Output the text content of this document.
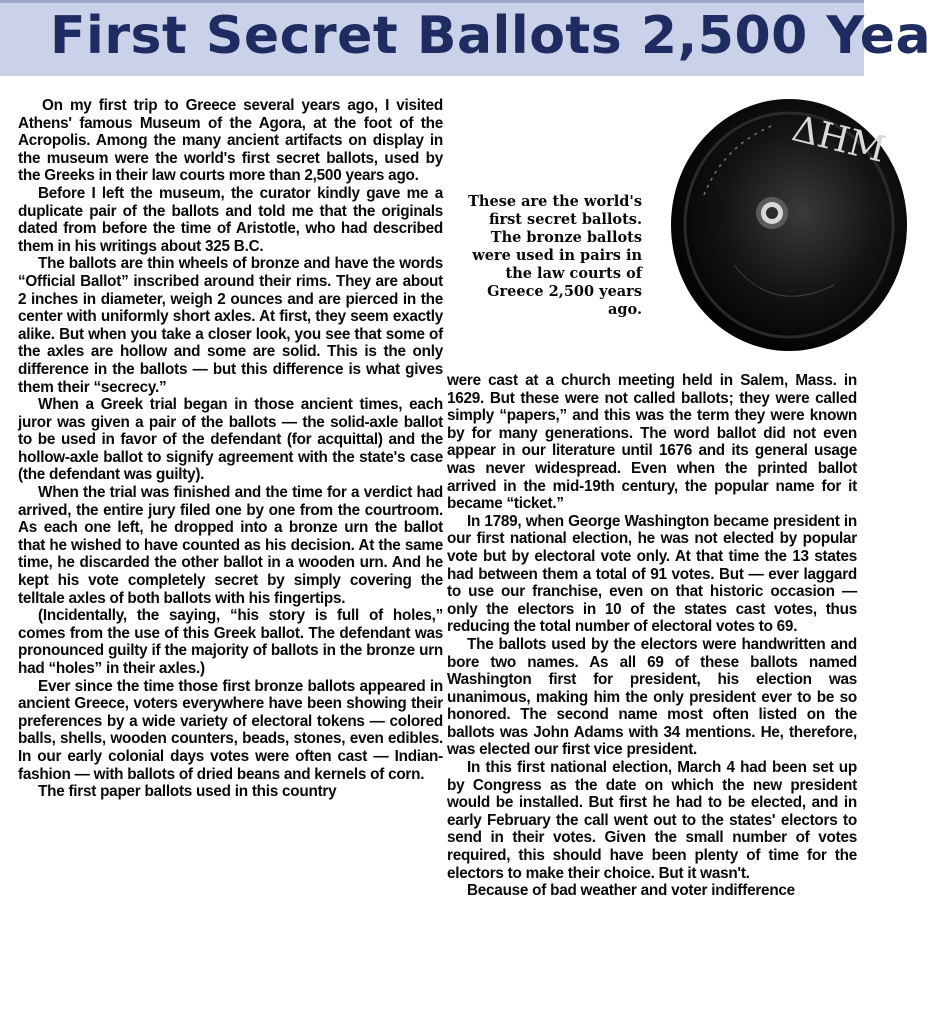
First Secret Ballots 2,500 Yea

On my first trip to Greece several years ago, I visited Athens' famous Museum of the Agora, at the foot of the Acropolis. Among the many ancient artifacts on display in the museum were the world's first secret ballots, used by the Greeks in their law courts more than 2,500 years ago.

Before I left the museum, the curator kindly gave me a duplicate pair of the ballots and told me that the originals dated from before the time of Aristotle, who had described them in his writings about 325 B.C.

The ballots are thin wheels of bronze and have the words “Official Ballot” inscribed around their rims. They are about 2 inches in diameter, weigh 2 ounces and are pierced in the center with uniformly short axles. At first, they seem exactly alike. But when you take a closer look, you see that some of the axles are hollow and some are solid. This is the only difference in the ballots — but this difference is what gives them their “secrecy.”

When a Greek trial began in those ancient times, each juror was given a pair of the ballots — the solid-axle ballot to be used in favor of the defendant (for acquittal) and the hollow-axle ballot to signify agreement with the state's case (the defendant was guilty).

When the trial was finished and the time for a verdict had arrived, the entire jury filed one by one from the courtroom. As each one left, he dropped into a bronze urn the ballot that he wished to have counted as his decision. At the same time, he discarded the other ballot in a wooden urn. And he kept his vote completely secret by simply covering the telltale axles of both ballots with his fingertips.

(Incidentally, the saying, “his story is full of holes,” comes from the use of this Greek ballot. The defendant was pronounced guilty if the majority of ballots in the bronze urn had “holes” in their axles.)

Ever since the time those first bronze ballots appeared in ancient Greece, voters everywhere have been showing their preferences by a wide variety of electoral tokens — colored balls, shells, wooden counters, beads, stones, even edibles. In our early colonial days votes were often cast — Indian-fashion — with ballots of dried beans and kernels of corn.

The first paper ballots used in this country

These are the world's first secret ballots. The bronze ballots were used in pairs in the law courts of Greece 2,500 years ago.
ΔΗΜ

were cast at a church meeting held in Salem, Mass. in 1629. But these were not called ballots; they were called simply “papers,” and this was the term they were known by for many generations. The word ballot did not even appear in our literature until 1676 and its general usage was never widespread. Even when the printed ballot arrived in the mid-19th century, the popular name for it became “ticket.”

In 1789, when George Washington became president in our first national election, he was not elected by popular vote but by electoral vote only. At that time the 13 states had between them a total of 91 votes. But — ever laggard to use our franchise, even on that historic occasion — only the electors in 10 of the states cast votes, thus reducing the total number of electoral votes to 69.

The ballots used by the electors were handwritten and bore two names. As all 69 of these ballots named Washington first for president, his election was unanimous, making him the only president ever to be so honored. The second name most often listed on the ballots was John Adams with 34 mentions. He, therefore, was elected our first vice president.

In this first national election, March 4 had been set up by Congress as the date on which the new president would be installed. But first he had to be elected, and in early February the call went out to the states' electors to send in their votes. Given the small number of votes required, this should have been plenty of time for the electors to make their choice. But it wasn't.

Because of bad weather and voter indifference
